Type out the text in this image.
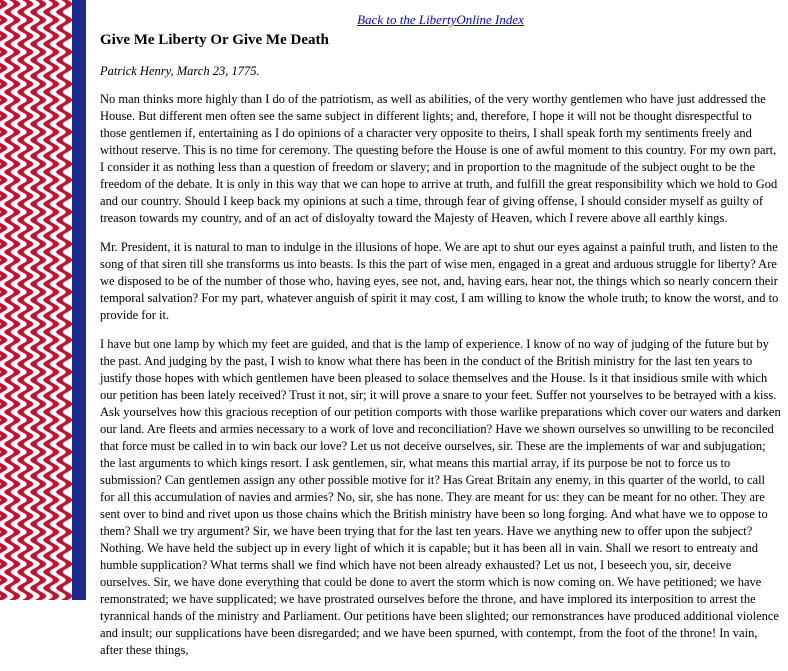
Back to the LibertyOnline Index
Give Me Liberty Or Give Me Death

Patrick Henry, March 23, 1775.

No man thinks more highly than I do of the patriotism, as well as abilities, of the very worthy gentlemen who have just addressed the House. But different men often see the same subject in different lights; and, therefore, I hope it will not be thought disrespectful to those gentlemen if, entertaining as I do opinions of a character very opposite to theirs, I shall speak forth my sentiments freely and without reserve. This is no time for ceremony. The questing before the House is one of awful moment to this country. For my own part, I consider it as nothing less than a question of freedom or slavery; and in proportion to the magnitude of the subject ought to be the freedom of the debate. It is only in this way that we can hope to arrive at truth, and fulfill the great responsibility which we hold to God and our country. Should I keep back my opinions at such a time, through fear of giving offense, I should consider myself as guilty of treason towards my country, and of an act of disloyalty toward the Majesty of Heaven, which I revere above all earthly kings.

Mr. President, it is natural to man to indulge in the illusions of hope. We are apt to shut our eyes against a painful truth, and listen to the song of that siren till she transforms us into beasts. Is this the part of wise men, engaged in a great and arduous struggle for liberty? Are we disposed to be of the number of those who, having eyes, see not, and, having ears, hear not, the things which so nearly concern their temporal salvation? For my part, whatever anguish of spirit it may cost, I am willing to know the whole truth; to know the worst, and to provide for it.

I have but one lamp by which my feet are guided, and that is the lamp of experience. I know of no way of judging of the future but by the past. And judging by the past, I wish to know what there has been in the conduct of the British ministry for the last ten years to justify those hopes with which gentlemen have been pleased to solace themselves and the House. Is it that insidious smile with which our petition has been lately received? Trust it not, sir; it will prove a snare to your feet. Suffer not yourselves to be betrayed with a kiss. Ask yourselves how this gracious reception of our petition comports with those warlike preparations which cover our waters and darken our land. Are fleets and armies necessary to a work of love and reconciliation? Have we shown ourselves so unwilling to be reconciled that force must be called in to win back our love? Let us not deceive ourselves, sir. These are the implements of war and subjugation; the last arguments to which kings resort. I ask gentlemen, sir, what means this martial array, if its purpose be not to force us to submission? Can gentlemen assign any other possible motive for it? Has Great Britain any enemy, in this quarter of the world, to call for all this accumulation of navies and armies? No, sir, she has none. They are meant for us: they can be meant for no other. They are sent over to bind and rivet upon us those chains which the British ministry have been so long forging. And what have we to oppose to them? Shall we try argument? Sir, we have been trying that for the last ten years. Have we anything new to offer upon the subject? Nothing. We have held the subject up in every light of which it is capable; but it has been all in vain. Shall we resort to entreaty and humble supplication? What terms shall we find which have not been already exhausted? Let us not, I beseech you, sir, deceive ourselves. Sir, we have done everything that could be done to avert the storm which is now coming on. We have petitioned; we have remonstrated; we have supplicated; we have prostrated ourselves before the throne, and have implored its interposition to arrest the tyrannical hands of the ministry and Parliament. Our petitions have been slighted; our remonstrances have produced additional violence and insult; our supplications have been disregarded; and we have been spurned, with contempt, from the foot of the throne! In vain, after these things,
